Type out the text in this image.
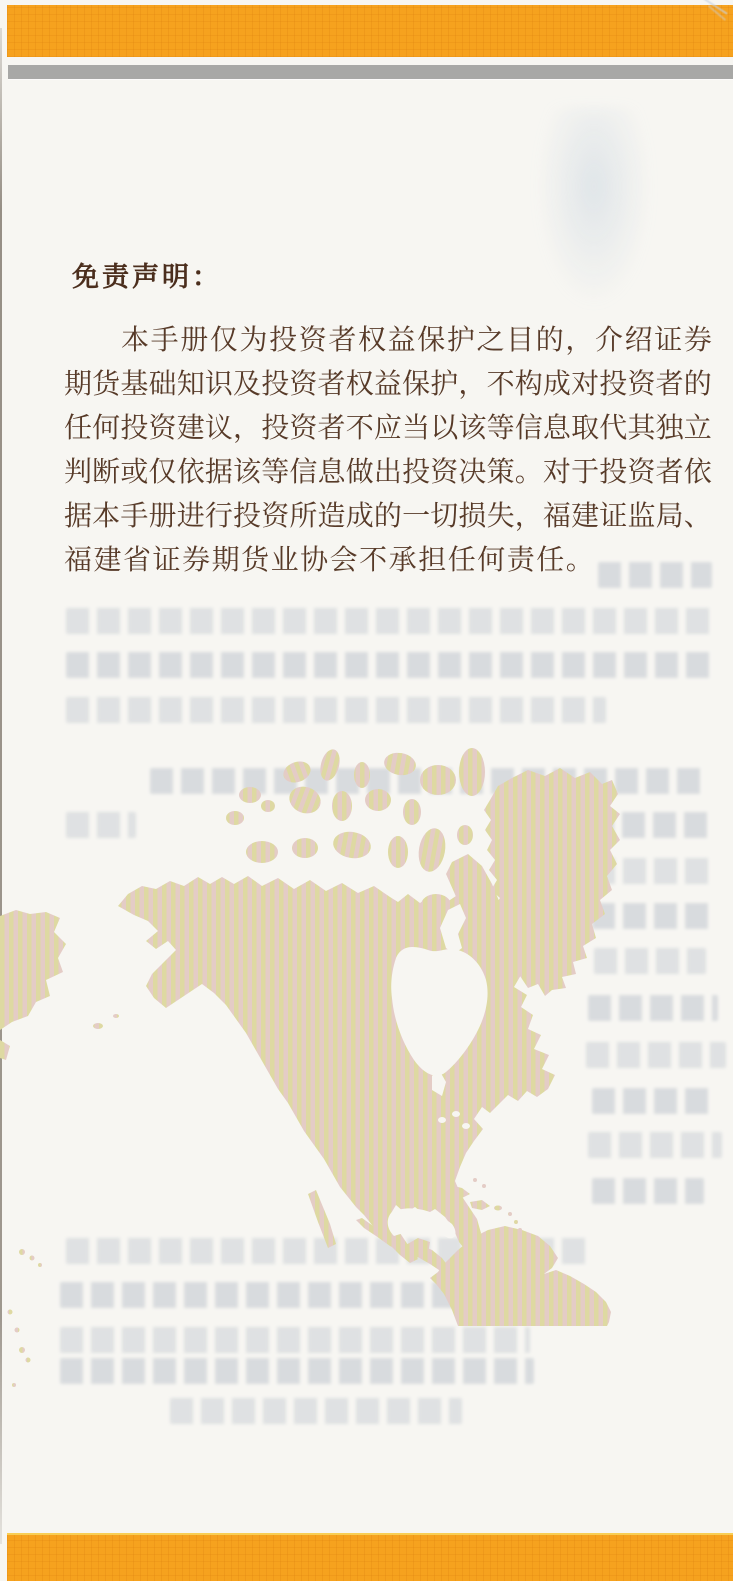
免责声明：
本 手 册 仅 为 投 资 者 权 益 保 护 之 目 的 ， 介 绍 证 券
期 货 基 础 知 识 及 投 资 者 权 益 保 护 ， 不 构 成 对 投 资 者 的
任 何 投 资 建 议 ， 投 资 者 不 应 当 以 该 等 信 息 取 代 其 独 立
判 断 或 仅 依 据 该 等 信 息 做 出 投 资 决 策 。 对 于 投 资 者 依
据 本 手 册 进 行 投 资 所 造 成 的 一 切 损 失 ， 福 建 证 监 局 、
福 建 省 证 券 期 货 业 协 会 不 承 担 任 何 责 任 。
